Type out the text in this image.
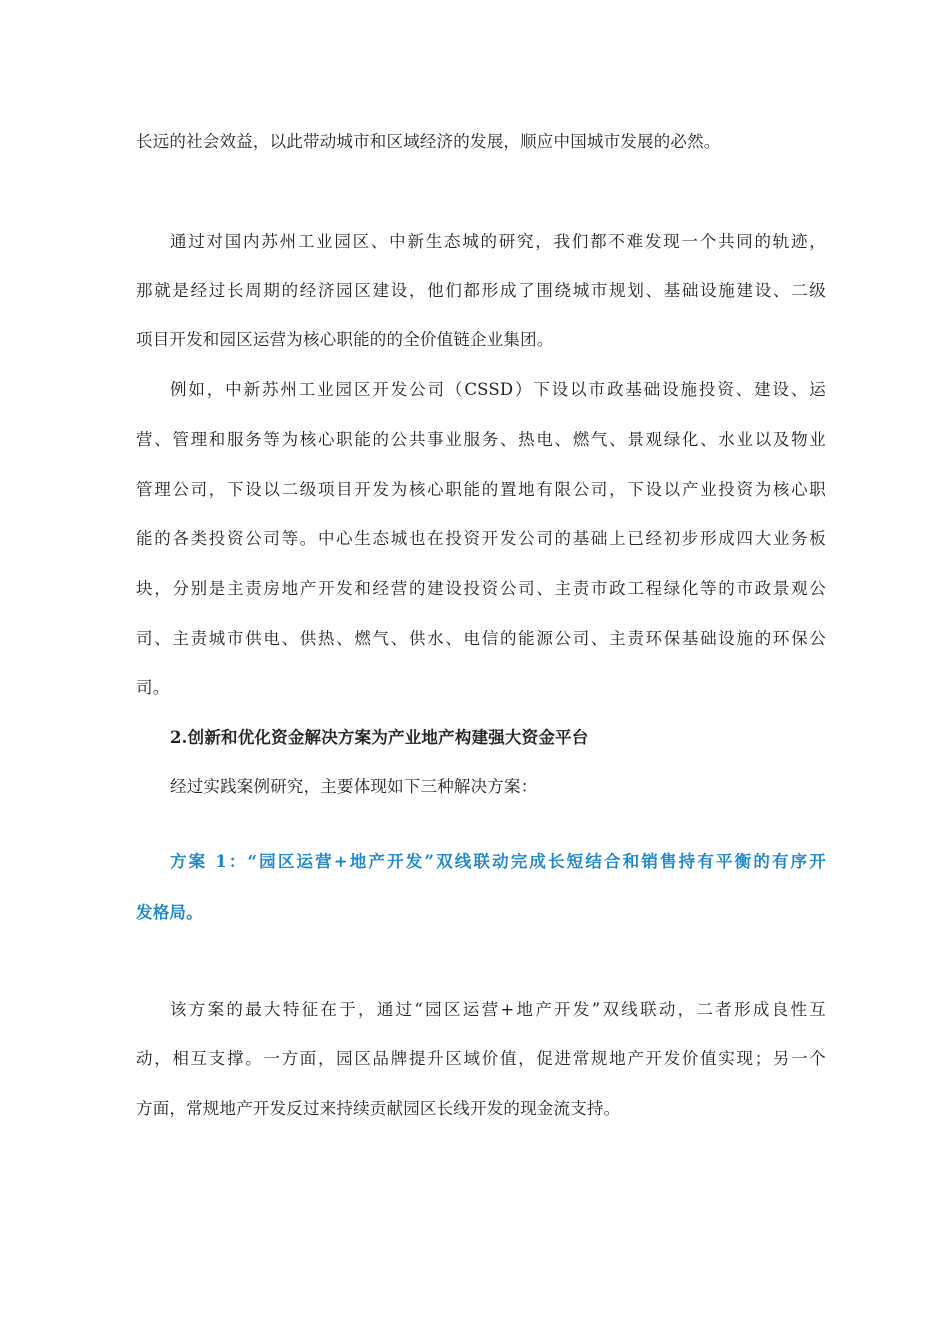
长远的社会效益，以此带动城市和区域经济的发展，顺应中国城市发展的必然。
通过对国内苏州工业园区、中新生态城的研究，我们都不难发现一个共同的轨迹，
那就是经过长周期的经济园区建设，他们都形成了围绕城市规划、基础设施建设、二级
项目开发和园区运营为核心职能的的全价值链企业集团。
例如，中新苏州工业园区开发公司（CSSD）下设以市政基础设施投资、建设、运
营、管理和服务等为核心职能的公共事业服务、热电、燃气、景观绿化、水业以及物业
管理公司，下设以二级项目开发为核心职能的置地有限公司，下设以产业投资为核心职
能的各类投资公司等。中心生态城也在投资开发公司的基础上已经初步形成四大业务板
块，分别是主责房地产开发和经营的建设投资公司、主责市政工程绿化等的市政景观公
司、主责城市供电、供热、燃气、供水、电信的能源公司、主责环保基础设施的环保公
司。
2.创新和优化资金解决方案为产业地产构建强大资金平台
经过实践案例研究，主要体现如下三种解决方案：
方案 1：“园区运营+地产开发”双线联动完成长短结合和销售持有平衡的有序开
发格局。
该方案的最大特征在于，通过“园区运营+地产开发”双线联动，二者形成良性互
动，相互支撑。一方面，园区品牌提升区域价值，促进常规地产开发价值实现；另一个
方面，常规地产开发反过来持续贡献园区长线开发的现金流支持。
